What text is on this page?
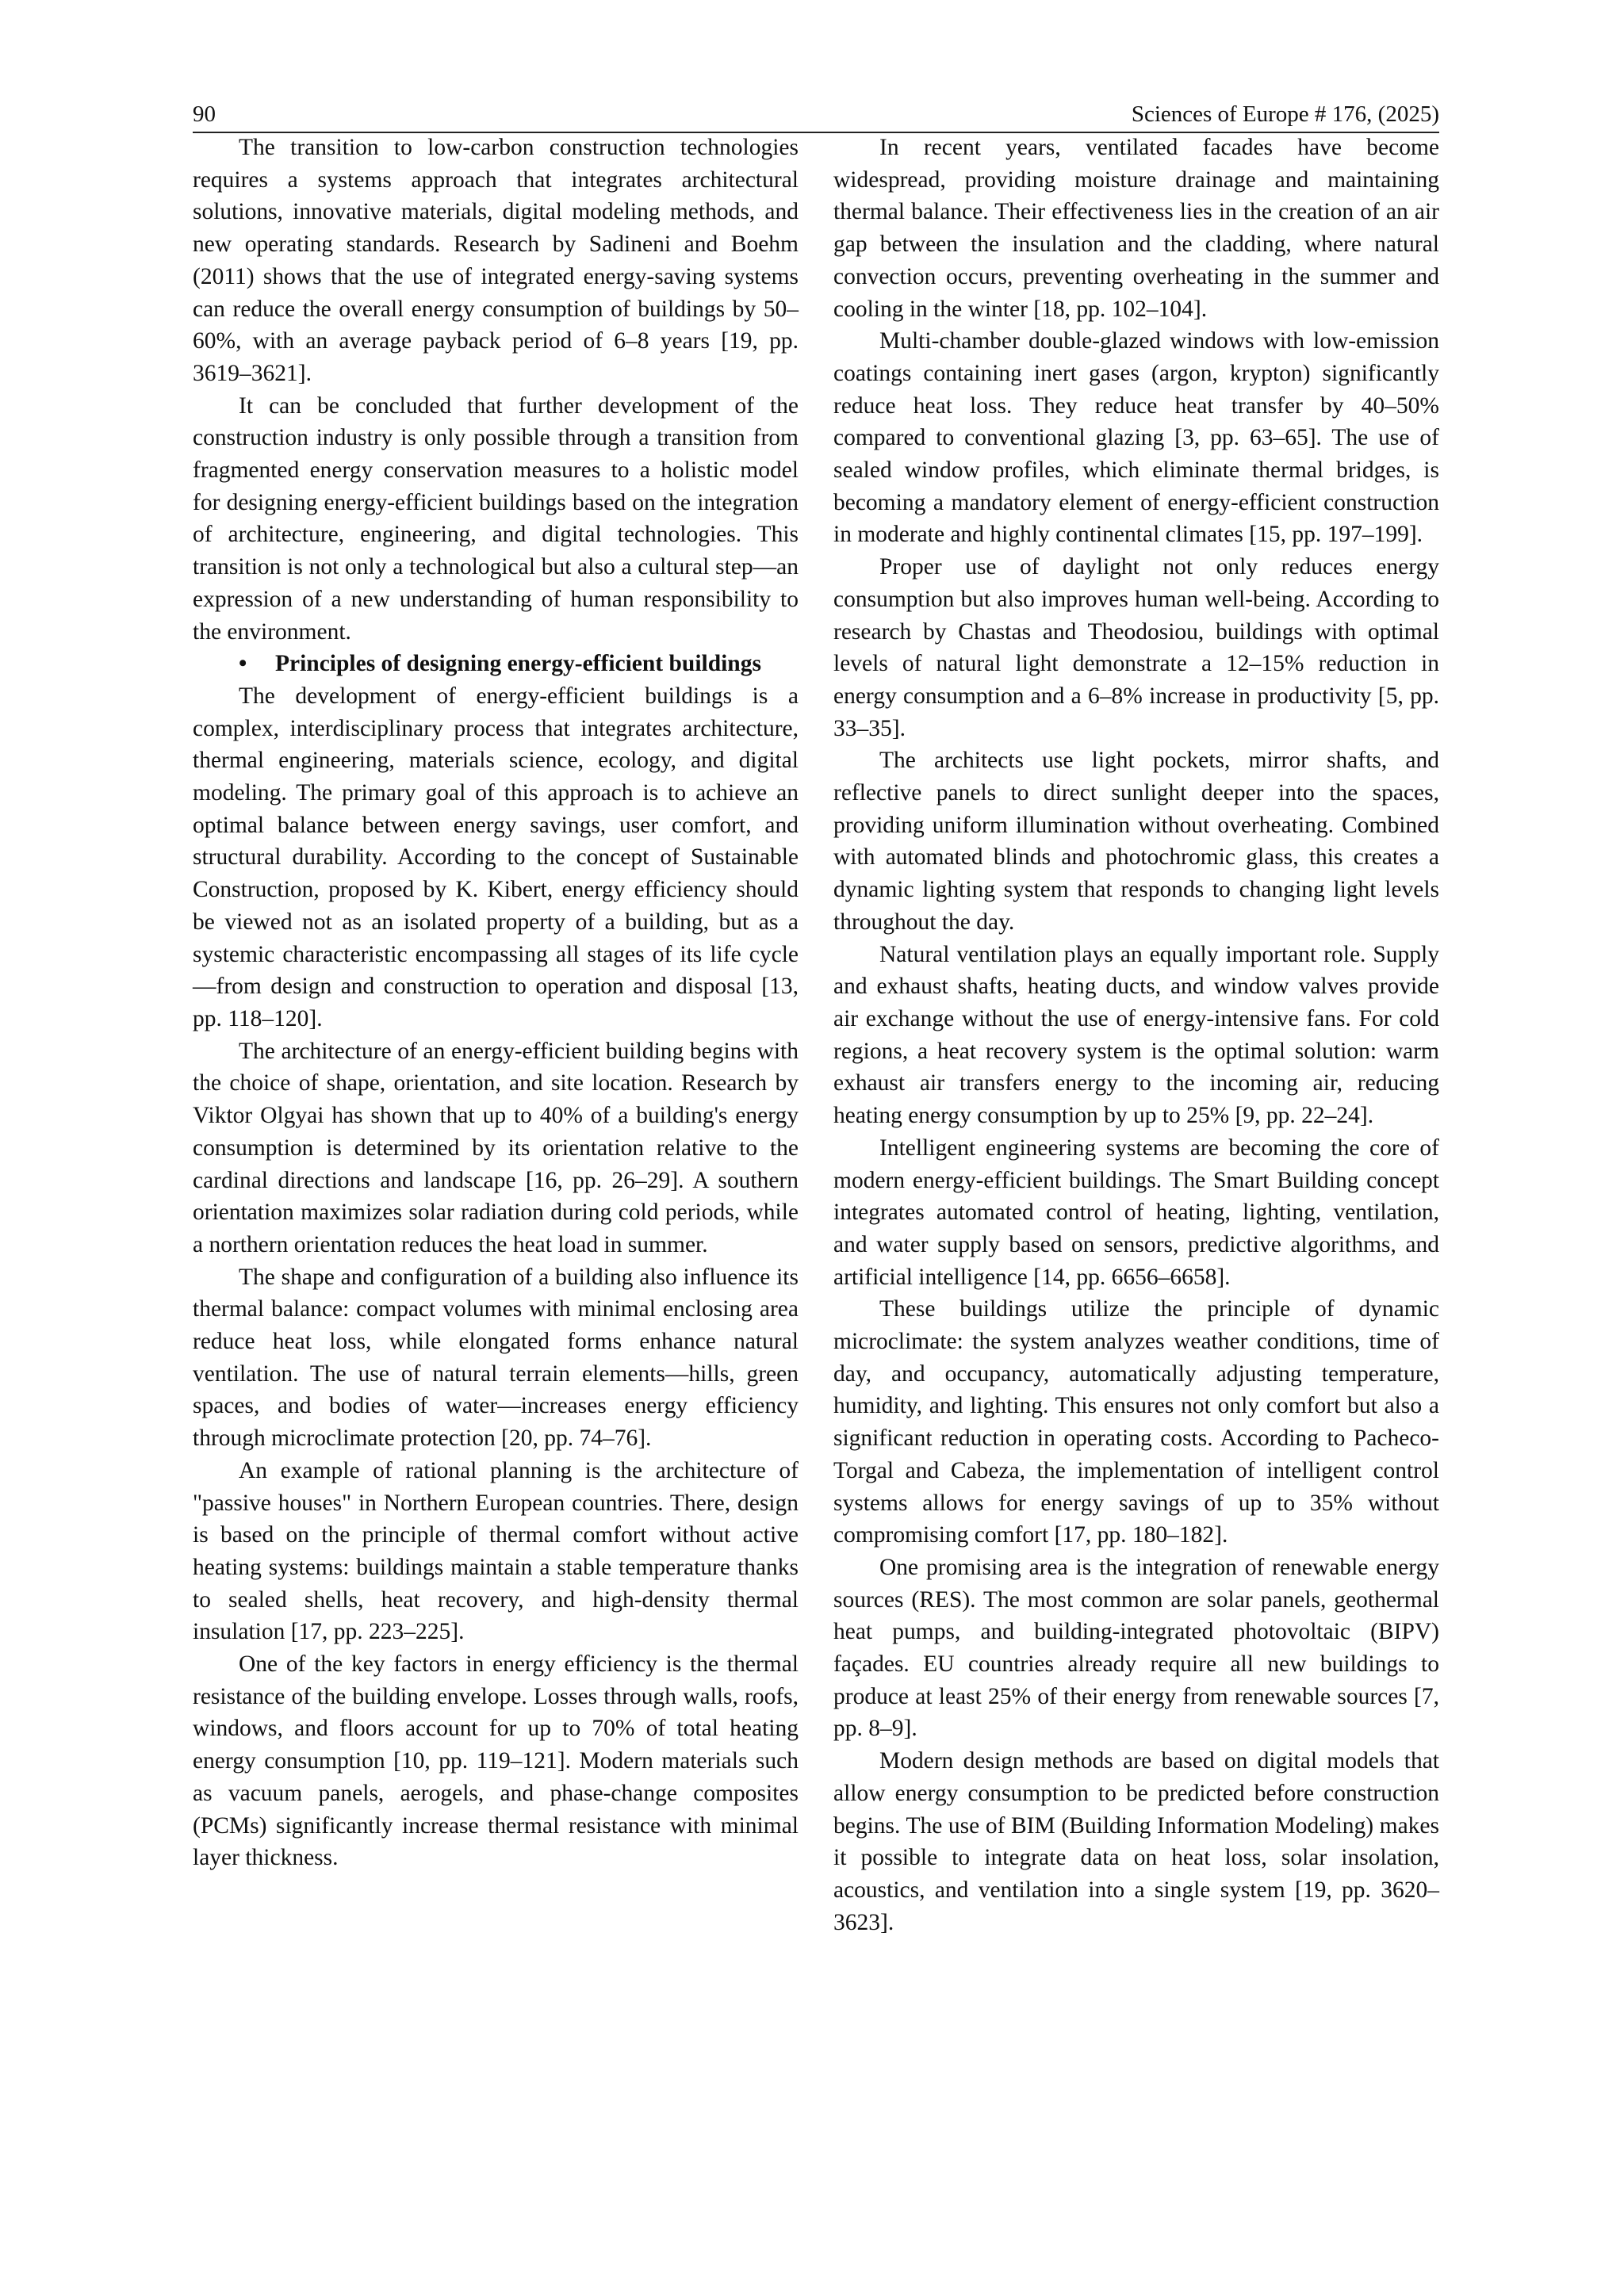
90	Sciences of Europe # 176, (2025)

The transition to low-carbon construction technologies requires a systems approach that integrates architectural solutions, innovative materials, digital modeling methods, and new operating standards. Research by Sadineni and Boehm (2011) shows that the use of integrated energy-saving systems can reduce the overall energy consumption of buildings by 50–60%, with an average payback period of 6–8 years [19, pp. 3619–3621].

It can be concluded that further development of the construction industry is only possible through a transition from fragmented energy conservation measures to a holistic model for designing energy-efficient buildings based on the integration of architecture, engineering, and digital technologies. This transition is not only a technological but also a cultural step—an expression of a new understanding of human responsibility to the environment.

• Principles of designing energy-efficient buildings

The development of energy-efficient buildings is a complex, interdisciplinary process that integrates architecture, thermal engineering, materials science, ecology, and digital modeling. The primary goal of this approach is to achieve an optimal balance between energy savings, user comfort, and structural durability. According to the concept of Sustainable Construction, proposed by K. Kibert, energy efficiency should be viewed not as an isolated property of a building, but as a systemic characteristic encompassing all stages of its life cycle—from design and construction to operation and disposal [13, pp. 118–120].

The architecture of an energy-efficient building begins with the choice of shape, orientation, and site location. Research by Viktor Olgyai has shown that up to 40% of a building's energy consumption is determined by its orientation relative to the cardinal directions and landscape [16, pp. 26–29]. A southern orientation maximizes solar radiation during cold periods, while a northern orientation reduces the heat load in summer.

The shape and configuration of a building also influence its thermal balance: compact volumes with minimal enclosing area reduce heat loss, while elongated forms enhance natural ventilation. The use of natural terrain elements—hills, green spaces, and bodies of water—increases energy efficiency through microclimate protection [20, pp. 74–76].

An example of rational planning is the architecture of "passive houses" in Northern European countries. There, design is based on the principle of thermal comfort without active heating systems: buildings maintain a stable temperature thanks to sealed shells, heat recovery, and high-density thermal insulation [17, pp. 223–225].

One of the key factors in energy efficiency is the thermal resistance of the building envelope. Losses through walls, roofs, windows, and floors account for up to 70% of total heating energy consumption [10, pp. 119–121]. Modern materials such as vacuum panels, aerogels, and phase-change composites (PCMs) significantly increase thermal resistance with minimal layer thickness.

In recent years, ventilated facades have become widespread, providing moisture drainage and maintaining thermal balance. Their effectiveness lies in the creation of an air gap between the insulation and the cladding, where natural convection occurs, preventing overheating in the summer and cooling in the winter [18, pp. 102–104].

Multi-chamber double-glazed windows with low-emission coatings containing inert gases (argon, krypton) significantly reduce heat loss. They reduce heat transfer by 40–50% compared to conventional glazing [3, pp. 63–65]. The use of sealed window profiles, which eliminate thermal bridges, is becoming a mandatory element of energy-efficient construction in moderate and highly continental climates [15, pp. 197–199].

Proper use of daylight not only reduces energy consumption but also improves human well-being. According to research by Chastas and Theodosiou, buildings with optimal levels of natural light demonstrate a 12–15% reduction in energy consumption and a 6–8% increase in productivity [5, pp. 33–35].

The architects use light pockets, mirror shafts, and reflective panels to direct sunlight deeper into the spaces, providing uniform illumination without overheating. Combined with automated blinds and photochromic glass, this creates a dynamic lighting system that responds to changing light levels throughout the day.

Natural ventilation plays an equally important role. Supply and exhaust shafts, heating ducts, and window valves provide air exchange without the use of energy-intensive fans. For cold regions, a heat recovery system is the optimal solution: warm exhaust air transfers energy to the incoming air, reducing heating energy consumption by up to 25% [9, pp. 22–24].

Intelligent engineering systems are becoming the core of modern energy-efficient buildings. The Smart Building concept integrates automated control of heating, lighting, ventilation, and water supply based on sensors, predictive algorithms, and artificial intelligence [14, pp. 6656–6658].

These buildings utilize the principle of dynamic microclimate: the system analyzes weather conditions, time of day, and occupancy, automatically adjusting temperature, humidity, and lighting. This ensures not only comfort but also a significant reduction in operating costs. According to Pacheco-Torgal and Cabeza, the implementation of intelligent control systems allows for energy savings of up to 35% without compromising comfort [17, pp. 180–182].

One promising area is the integration of renewable energy sources (RES). The most common are solar panels, geothermal heat pumps, and building-integrated photovoltaic (BIPV) façades. EU countries already require all new buildings to produce at least 25% of their energy from renewable sources [7, pp. 8–9].

Modern design methods are based on digital models that allow energy consumption to be predicted before construction begins. The use of BIM (Building Information Modeling) makes it possible to integrate data on heat loss, solar insolation, acoustics, and ventilation into a single system [19, pp. 3620–3623].
